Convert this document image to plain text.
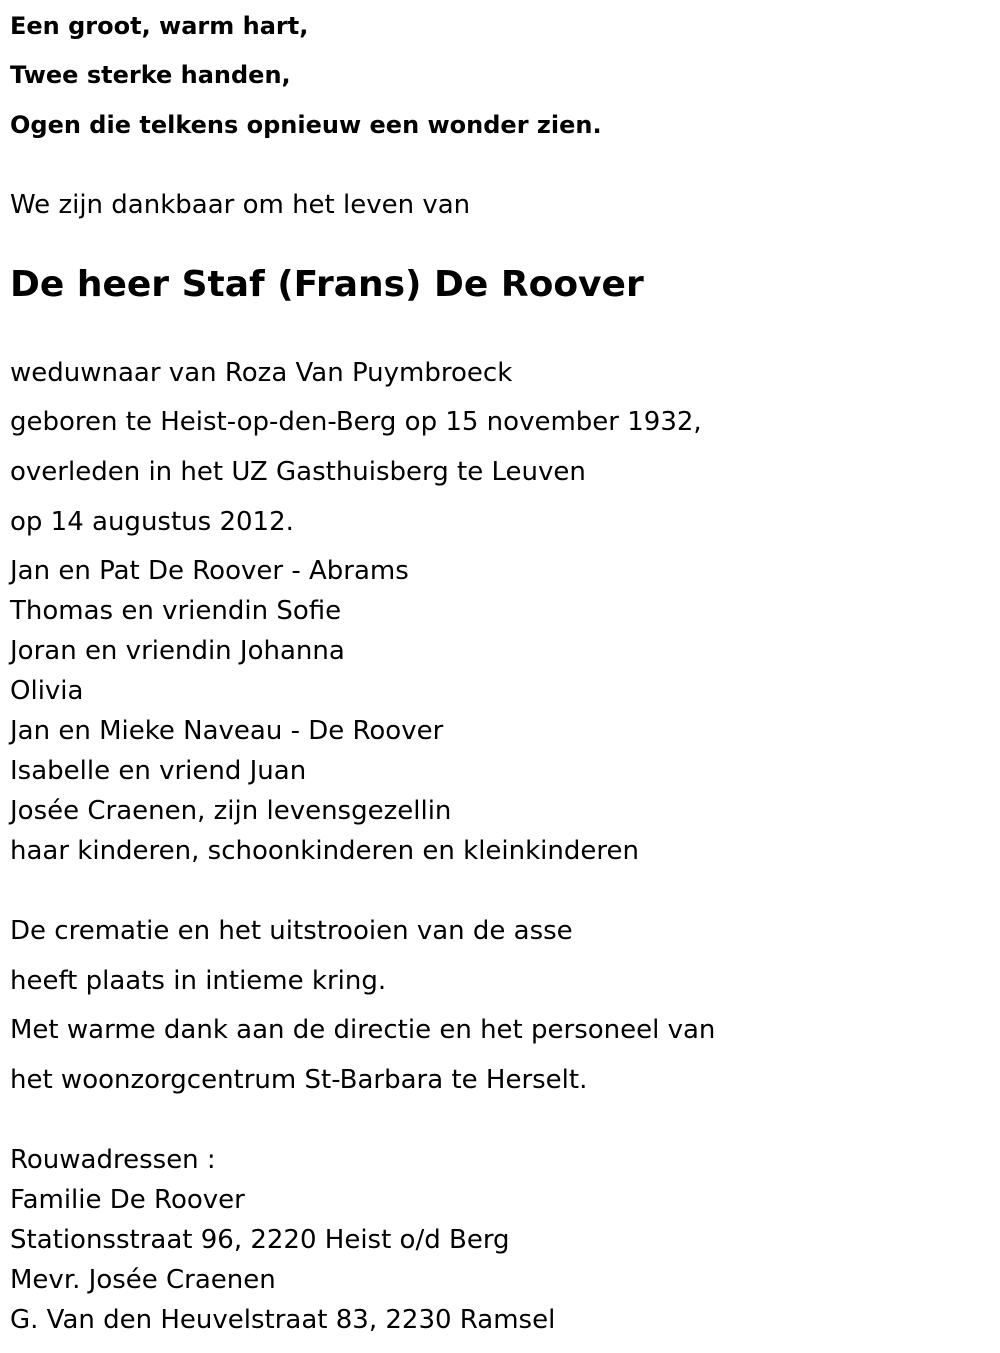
Een groot, warm hart,
Twee sterke handen,
Ogen die telkens opnieuw een wonder zien.
We zijn dankbaar om het leven van
De heer Staf (Frans) De Roover
weduwnaar van Roza Van Puymbroeck
geboren te Heist-op-den-Berg op 15 november 1932,
overleden in het UZ Gasthuisberg te Leuven
op 14 augustus 2012.
Jan en Pat De Roover - Abrams
Thomas en vriendin Sofie
Joran en vriendin Johanna
Olivia
Jan en Mieke Naveau - De Roover
Isabelle en vriend Juan
Josée Craenen, zijn levensgezellin
haar kinderen, schoonkinderen en kleinkinderen
De crematie en het uitstrooien van de asse
heeft plaats in intieme kring.
Met warme dank aan de directie en het personeel van
het woonzorgcentrum St-Barbara te Herselt.
Rouwadressen :
Familie De Roover
Stationsstraat 96, 2220 Heist o/d Berg
Mevr. Josée Craenen
G. Van den Heuvelstraat 83, 2230 Ramsel
